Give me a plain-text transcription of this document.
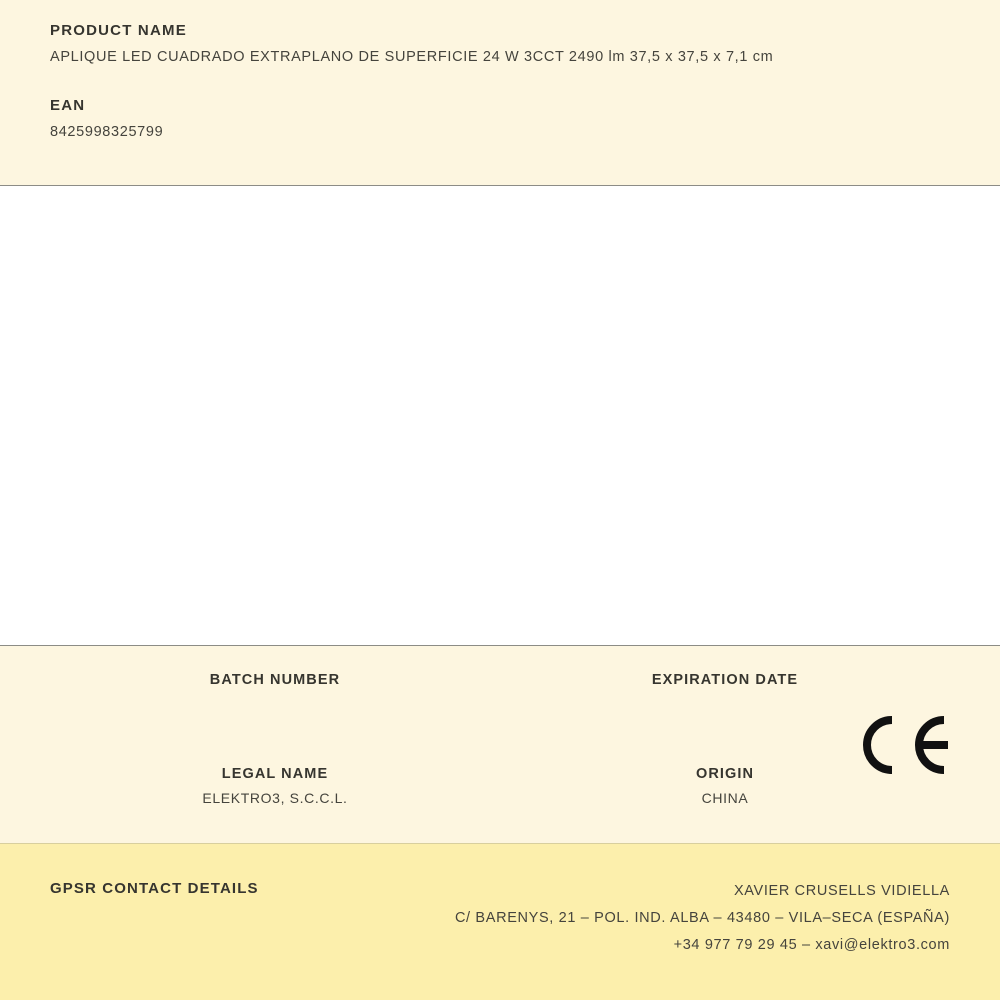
PRODUCT NAME

APLIQUE LED CUADRADO EXTRAPLANO DE SUPERFICIE 24 W 3CCT 2490 lm 37,5 x 37,5 x 7,1 cm

EAN

8425998325799

BATCH NUMBER	EXPIRATION DATE

LEGAL NAME

ELEKTRO3, S.C.C.L.

ORIGIN

CHINA

GPSR CONTACT DETAILS	XAVIER CRUSELLS VIDIELLA
C/ BARENYS, 21 – POL. IND. ALBA – 43480 – VILA–SECA (ESPAÑA)
+34 977 79 29 45 – xavi@elektro3.com
